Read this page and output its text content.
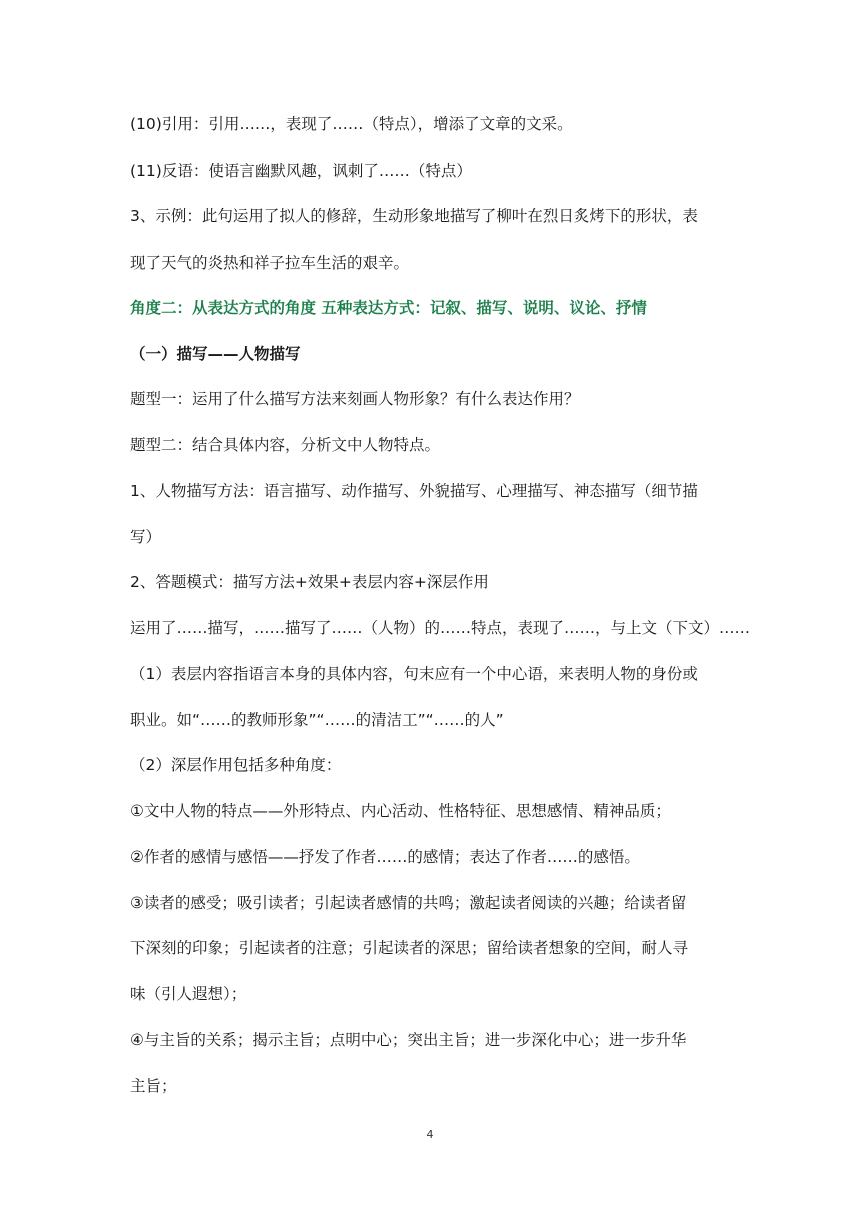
(10)引用：引用……，表现了……（特点），增添了文章的文采。

(11)反语：使语言幽默风趣，讽刺了……（特点）

3、示例：此句运用了拟人的修辞，生动形象地描写了柳叶在烈日炙烤下的形状，表

现了天气的炎热和祥子拉车生活的艰辛。

角度二：从表达方式的角度 五种表达方式：记叙、描写、说明、议论、抒情

（一）描写——人物描写

题型一：运用了什么描写方法来刻画人物形象？有什么表达作用？

题型二：结合具体内容，分析文中人物特点。

1、人物描写方法：语言描写、动作描写、外貌描写、心理描写、神态描写（细节描

写）

2、答题模式：描写方法+效果+表层内容+深层作用

运用了……描写，……描写了……（人物）的……特点，表现了……，与上文（下文）……

（1）表层内容指语言本身的具体内容，句末应有一个中心语，来表明人物的身份或

职业。如“……的教师形象”“……的清洁工”“……的人”

（2）深层作用包括多种角度：

①文中人物的特点——外形特点、内心活动、性格特征、思想感情、精神品质；

②作者的感情与感悟——抒发了作者……的感情；表达了作者……的感悟。

③读者的感受；吸引读者；引起读者感情的共鸣；激起读者阅读的兴趣；给读者留

下深刻的印象；引起读者的注意；引起读者的深思；留给读者想象的空间，耐人寻

味（引人遐想）；

④与主旨的关系；揭示主旨；点明中心；突出主旨；进一步深化中心；进一步升华

主旨；

4
